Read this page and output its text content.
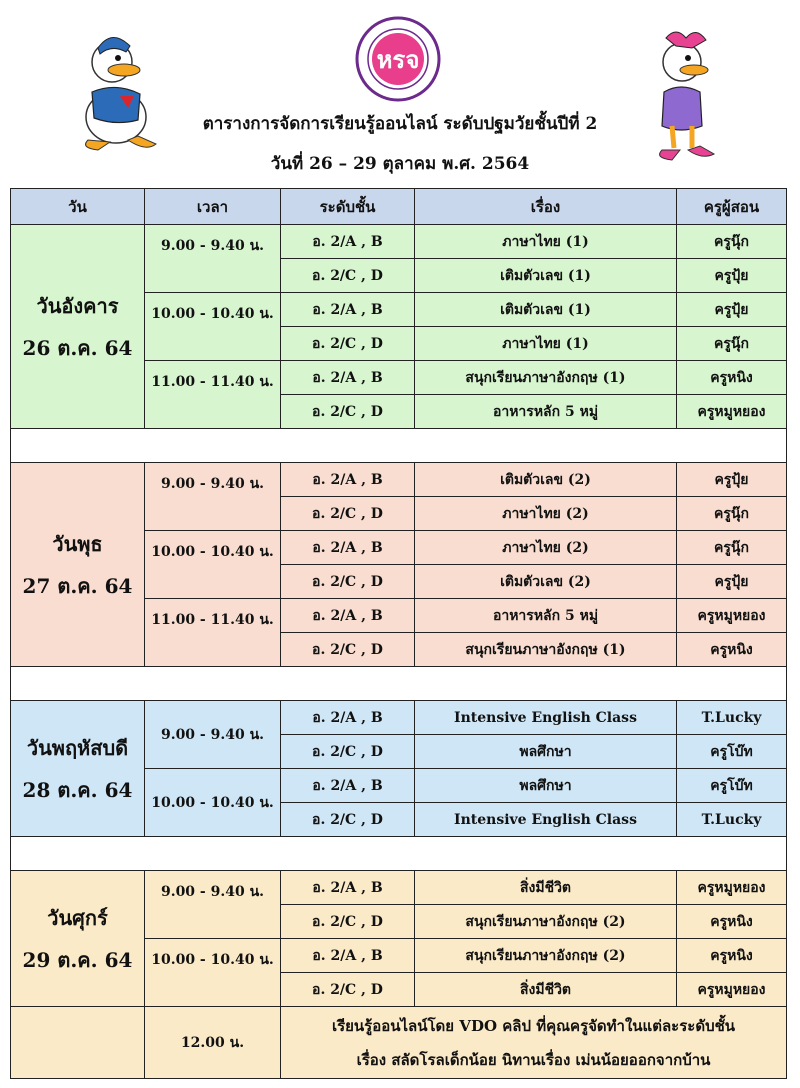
หรจ
ตารางการจัดการเรียนรู้ออนไลน์ ระดับปฐมวัยชั้นปีที่ 2
วันที่ 26 – 29 ตุลาคม พ.ศ. 2564
วัน	เวลา	ระดับชั้น	เรื่อง	ครูผู้สอน
วันอังคาร
26 ต.ค. 64	9.00 - 9.40 น.	อ. 2/A , B	ภาษาไทย (1)	ครูนุ๊ก
		อ. 2/C , D	เติมตัวเลข (1)	ครูปุ้ย
	10.00 - 10.40 น.	อ. 2/A , B	เติมตัวเลข (1)	ครูปุ้ย
		อ. 2/C , D	ภาษาไทย (1)	ครูนุ๊ก
	11.00 - 11.40 น.	อ. 2/A , B	สนุกเรียนภาษาอังกฤษ (1)	ครูหนิง
		อ. 2/C , D	อาหารหลัก 5 หมู่	ครูหมูหยอง

วันพุธ
27 ต.ค. 64	9.00 - 9.40 น.	อ. 2/A , B	เติมตัวเลข (2)	ครูปุ้ย
		อ. 2/C , D	ภาษาไทย (2)	ครูนุ๊ก
	10.00 - 10.40 น.	อ. 2/A , B	ภาษาไทย (2)	ครูนุ๊ก
		อ. 2/C , D	เติมตัวเลข (2)	ครูปุ้ย
	11.00 - 11.40 น.	อ. 2/A , B	อาหารหลัก 5 หมู่	ครูหมูหยอง
		อ. 2/C , D	สนุกเรียนภาษาอังกฤษ (1)	ครูหนิง

วันพฤหัสบดี
28 ต.ค. 64	9.00 - 9.40 น.	อ. 2/A , B	Intensive English Class	T.Lucky
		อ. 2/C , D	พลศึกษา	ครูโบ๊ท
	10.00 - 10.40 น.	อ. 2/A , B	พลศึกษา	ครูโบ๊ท
		อ. 2/C , D	Intensive English Class	T.Lucky

วันศุกร์
29 ต.ค. 64	9.00 - 9.40 น.	อ. 2/A , B	สิ่งมีชีวิต	ครูหมูหยอง
		อ. 2/C , D	สนุกเรียนภาษาอังกฤษ (2)	ครูหนิง
	10.00 - 10.40 น.	อ. 2/A , B	สนุกเรียนภาษาอังกฤษ (2)	ครูหนิง
		อ. 2/C , D	สิ่งมีชีวิต	ครูหมูหยอง
	12.00 น.	เรียนรู้ออนไลน์โดย VDO คลิป ที่คุณครูจัดทำในแต่ละระดับชั้น
เรื่อง สลัดโรลเด็กน้อย นิทานเรื่อง เม่นน้อยออกจากบ้าน		
